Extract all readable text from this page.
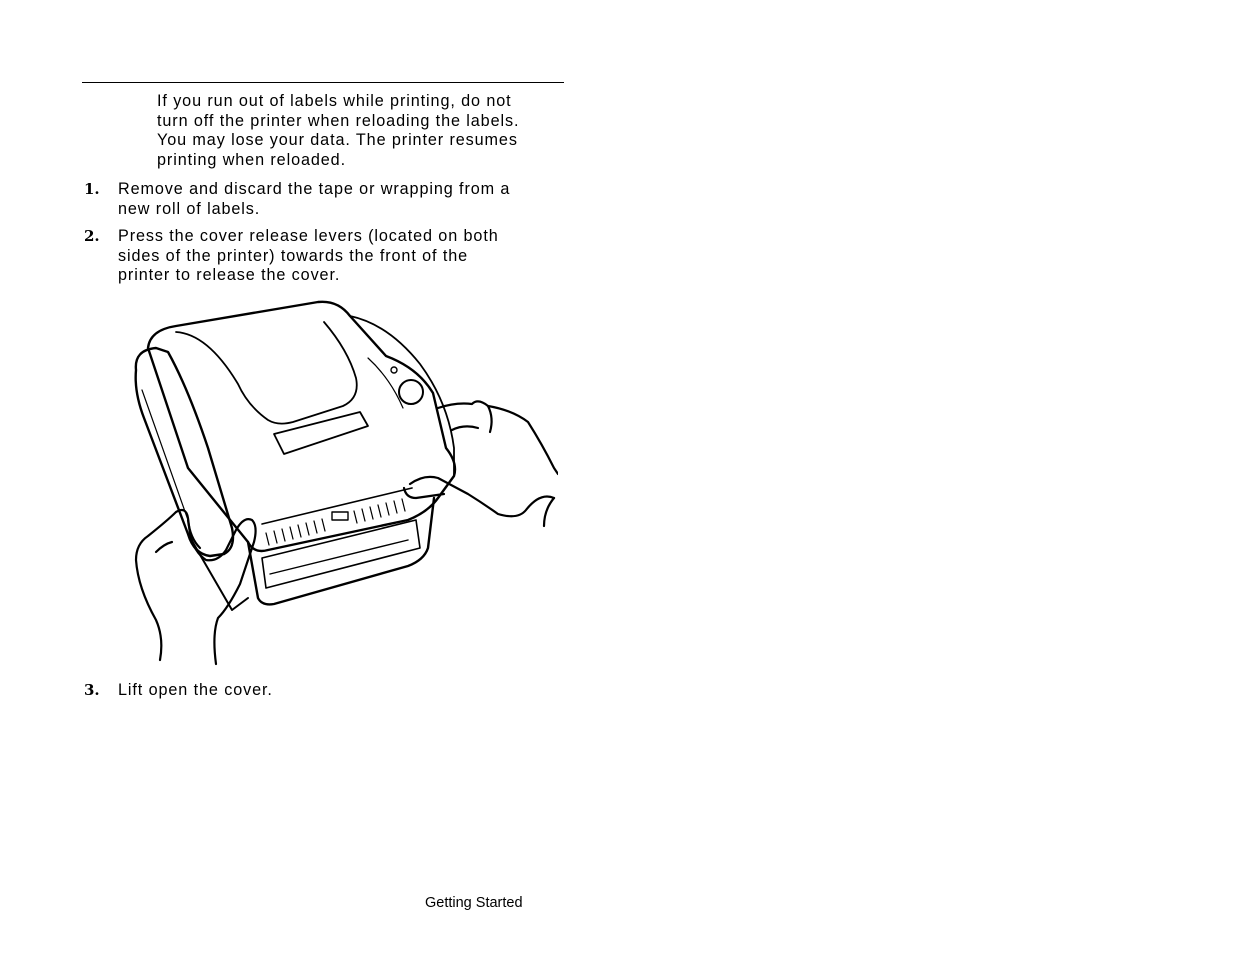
If you run out of labels while printing, do not
turn off the printer when reloading the labels.
You may lose your data. The printer resumes
printing when reloaded.
1. Remove and discard the tape or wrapping from a
new roll of labels.
2. Press the cover release levers (located on both
sides of the printer) towards the front of the
printer to release the cover.
3. Lift open the cover.
Getting Started
